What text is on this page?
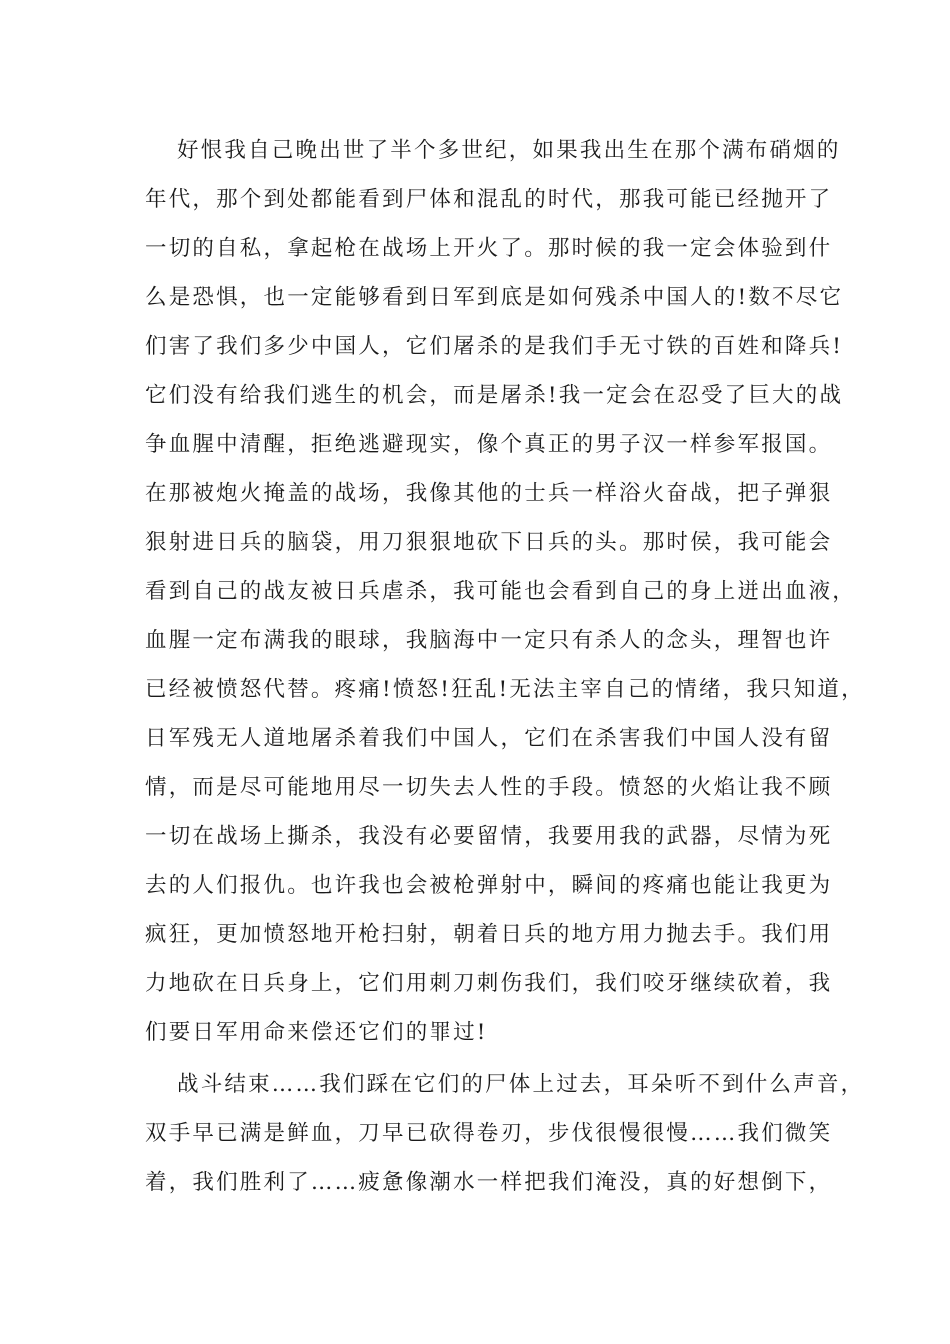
好恨我自己晚出世了半个多世纪，如果我出生在那个满布硝烟的
年代，那个到处都能看到尸体和混乱的时代，那我可能已经抛开了
一切的自私，拿起枪在战场上开火了。那时候的我一定会体验到什
么是恐惧，也一定能够看到日军到底是如何残杀中国人的!数不尽它
们害了我们多少中国人，它们屠杀的是我们手无寸铁的百姓和降兵!
它们没有给我们逃生的机会，而是屠杀!我一定会在忍受了巨大的战
争血腥中清醒，拒绝逃避现实，像个真正的男子汉一样参军报国。
在那被炮火掩盖的战场，我像其他的士兵一样浴火奋战，把子弹狠
狠射进日兵的脑袋，用刀狠狠地砍下日兵的头。那时侯，我可能会
看到自己的战友被日兵虐杀，我可能也会看到自己的身上迸出血液，
血腥一定布满我的眼球，我脑海中一定只有杀人的念头，理智也许
已经被愤怒代替。疼痛!愤怒!狂乱!无法主宰自己的情绪，我只知道，
日军残无人道地屠杀着我们中国人，它们在杀害我们中国人没有留
情，而是尽可能地用尽一切失去人性的手段。愤怒的火焰让我不顾
一切在战场上撕杀，我没有必要留情，我要用我的武器，尽情为死
去的人们报仇。也许我也会被枪弹射中，瞬间的疼痛也能让我更为
疯狂，更加愤怒地开枪扫射，朝着日兵的地方用力抛去手。我们用
力地砍在日兵身上，它们用刺刀刺伤我们，我们咬牙继续砍着，我
们要日军用命来偿还它们的罪过!
战斗结束……我们踩在它们的尸体上过去，耳朵听不到什么声音，
双手早已满是鲜血，刀早已砍得卷刃，步伐很慢很慢……我们微笑
着，我们胜利了……疲惫像潮水一样把我们淹没，真的好想倒下，
